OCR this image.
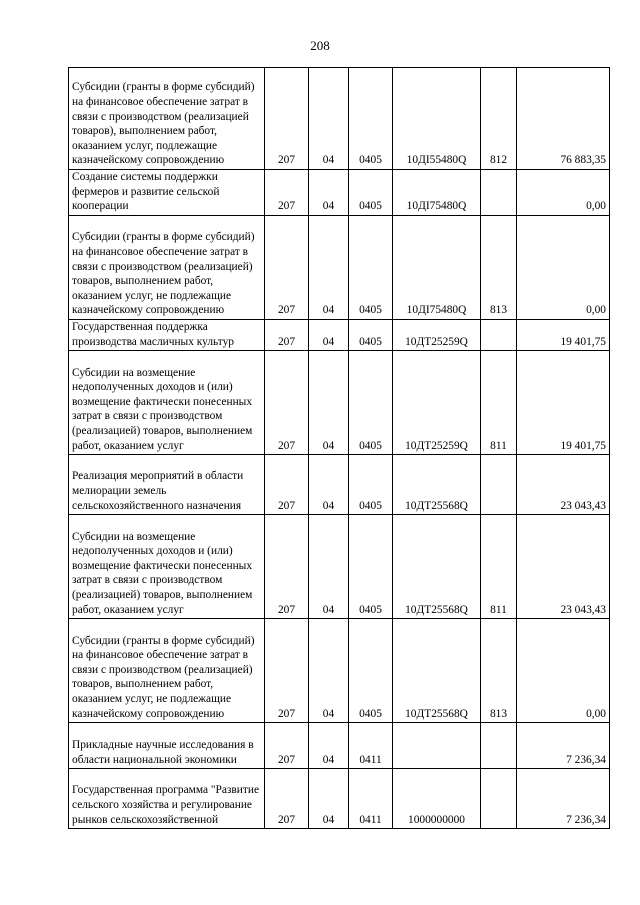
208
Субсидии (гранты в форме субсидий) на финансовое обеспечение затрат в связи с производством (реализацией товаров), выполнением работ, оказанием услуг, подлежащие казначейскому сопровождению	207	04	0405	10ДI55480Q	812	76 883,35
Создание системы поддержки фермеров и развитие сельской кооперации	207	04	0405	10ДI75480Q		0,00
Субсидии (гранты в форме субсидий) на финансовое обеспечение затрат в связи с производством (реализацией) товаров, выполнением работ, оказанием услуг, не подлежащие казначейскому сопровождению	207	04	0405	10ДI75480Q	813	0,00
Государственная поддержка производства масличных культур	207	04	0405	10ДТ25259Q		19 401,75
Субсидии на возмещение недополученных доходов и (или) возмещение фактически понесенных затрат в связи с производством (реализацией) товаров, выполнением работ, оказанием услуг	207	04	0405	10ДТ25259Q	811	19 401,75
Реализация мероприятий в области мелиорации земель сельскохозяйственного назначения	207	04	0405	10ДТ25568Q		23 043,43
Субсидии на возмещение недополученных доходов и (или) возмещение фактически понесенных затрат в связи с производством (реализацией) товаров, выполнением работ, оказанием услуг	207	04	0405	10ДТ25568Q	811	23 043,43
Субсидии (гранты в форме субсидий) на финансовое обеспечение затрат в связи с производством (реализацией) товаров, выполнением работ, оказанием услуг, не подлежащие казначейскому сопровождению	207	04	0405	10ДТ25568Q	813	0,00
Прикладные научные исследования в области национальной экономики	207	04	0411			7 236,34
Государственная программа "Развитие сельского хозяйства и регулирование рынков сельскохозяйственной	207	04	0411	1000000000		7 236,34
